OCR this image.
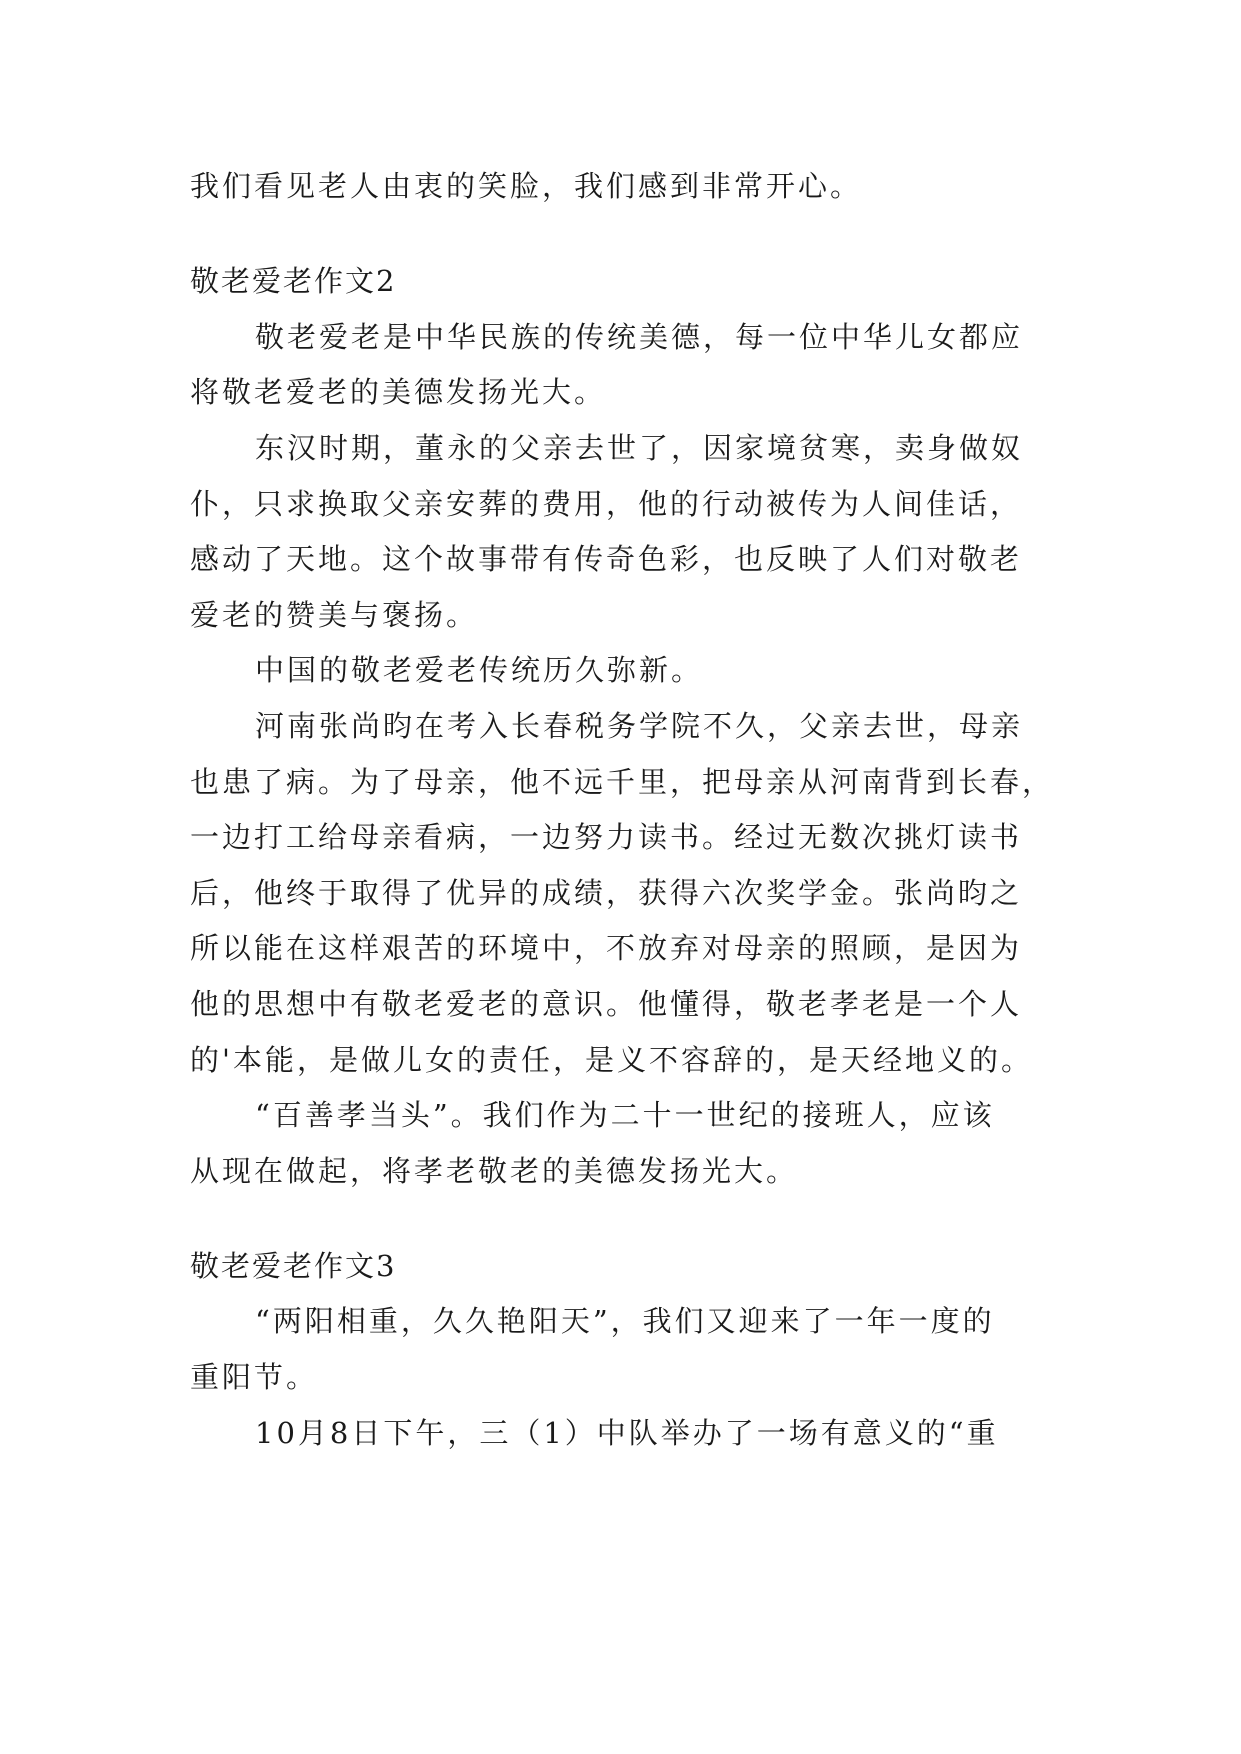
我们看见老人由衷的笑脸，我们感到非常开心。
敬老爱老作文2
敬老爱老是中华民族的传统美德，每一位中华儿女都应
将敬老爱老的美德发扬光大。
东汉时期，董永的父亲去世了，因家境贫寒，卖身做奴
仆，只求换取父亲安葬的费用，他的行动被传为人间佳话，
感动了天地。这个故事带有传奇色彩，也反映了人们对敬老
爱老的赞美与褒扬。
中国的敬老爱老传统历久弥新。
河南张尚昀在考入长春税务学院不久，父亲去世，母亲
也患了病。为了母亲，他不远千里，把母亲从河南背到长春，
一边打工给母亲看病，一边努力读书。经过无数次挑灯读书
后，他终于取得了优异的成绩，获得六次奖学金。张尚昀之
所以能在这样艰苦的环境中，不放弃对母亲的照顾，是因为
他的思想中有敬老爱老的意识。他懂得，敬老孝老是一个人
的'本能，是做儿女的责任，是义不容辞的，是天经地义的。
“百善孝当头”。我们作为二十一世纪的接班人，应该
从现在做起，将孝老敬老的美德发扬光大。
敬老爱老作文3
“两阳相重，久久艳阳天”，我们又迎来了一年一度的
重阳节。
10月8日下午，三（1）中队举办了一场有意义的“重
